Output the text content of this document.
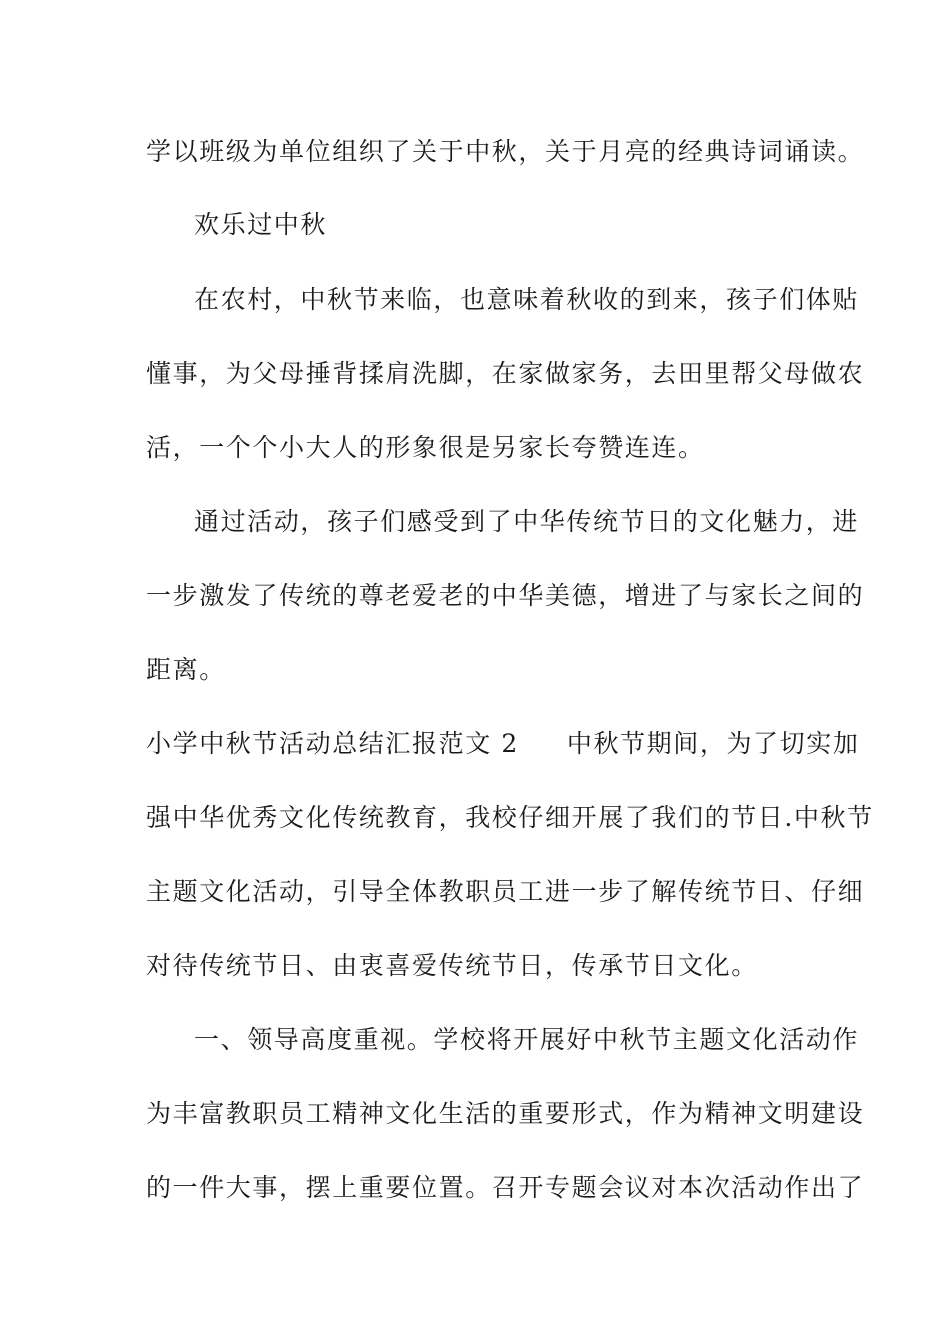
学以班级为单位组织了关于中秋，关于月亮的经典诗词诵读。
欢乐过中秋
在农村，中秋节来临，也意味着秋收的到来，孩子们体贴
懂事，为父母捶背揉肩洗脚，在家做家务，去田里帮父母做农
活，一个个小大人的形象很是另家长夸赞连连。
通过活动，孩子们感受到了中华传统节日的文化魅力，进
一步激发了传统的尊老爱老的中华美德，增进了与家长之间的
距离。
小学中秋节活动总结汇报范文 2 中秋节期间，为了切实加
强中华优秀文化传统教育，我校仔细开展了我们的节日.中秋节
主题文化活动，引导全体教职员工进一步了解传统节日、仔细
对待传统节日、由衷喜爱传统节日，传承节日文化。
一、领导高度重视。学校将开展好中秋节主题文化活动作
为丰富教职员工精神文化生活的重要形式，作为精神文明建设
的一件大事，摆上重要位置。召开专题会议对本次活动作出了
